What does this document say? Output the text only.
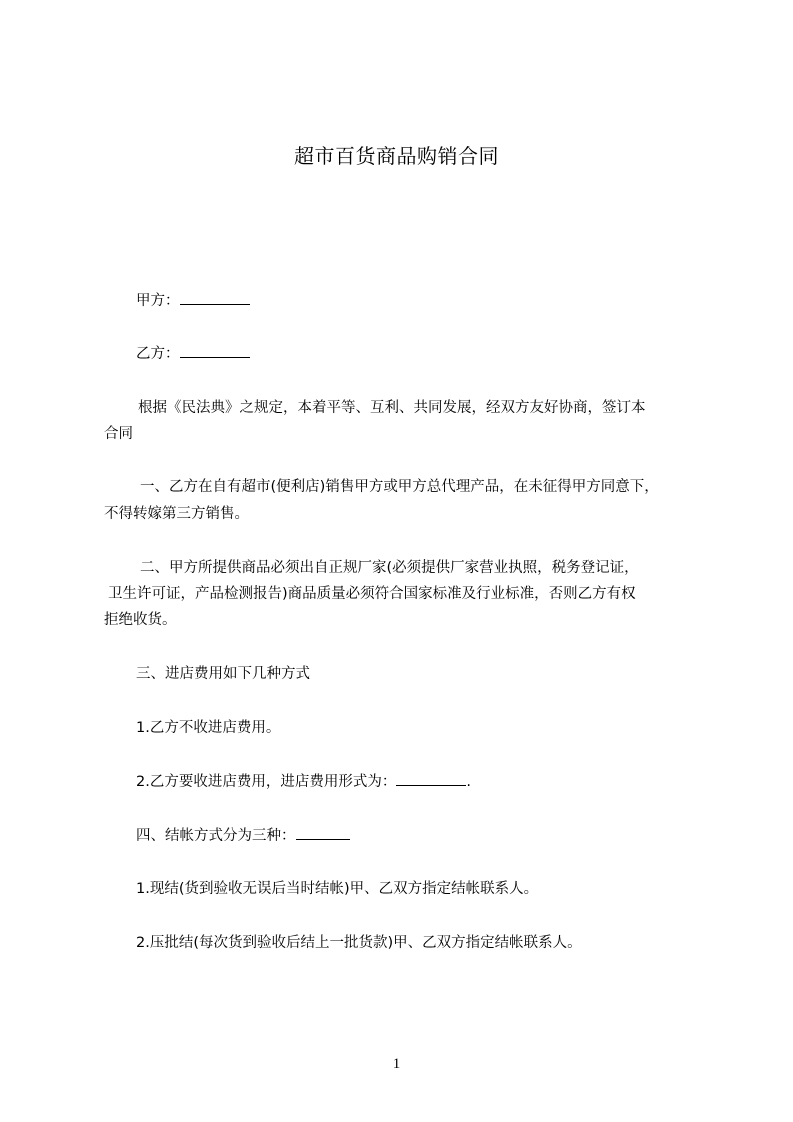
超市百货商品购销合同
甲方：
乙方：
根据《民法典》之规定，本着平等、互利、共同发展，经双方友好协商，签订本
合同
一、乙方在自有超市(便利店)销售甲方或甲方总代理产品，在未征得甲方同意下，
不得转嫁第三方销售。
二、甲方所提供商品必须出自正规厂家(必须提供厂家营业执照，税务登记证，
卫生许可证，产品检测报告)商品质量必须符合国家标准及行业标准，否则乙方有权
拒绝收货。
三、进店费用如下几种方式
1.乙方不收进店费用。
2.乙方要收进店费用，进店费用形式为：	.
四、结帐方式分为三种：
1.现结(货到验收无误后当时结帐)甲、乙双方指定结帐联系人。
2.压批结(每次货到验收后结上一批货款)甲、乙双方指定结帐联系人。
1
